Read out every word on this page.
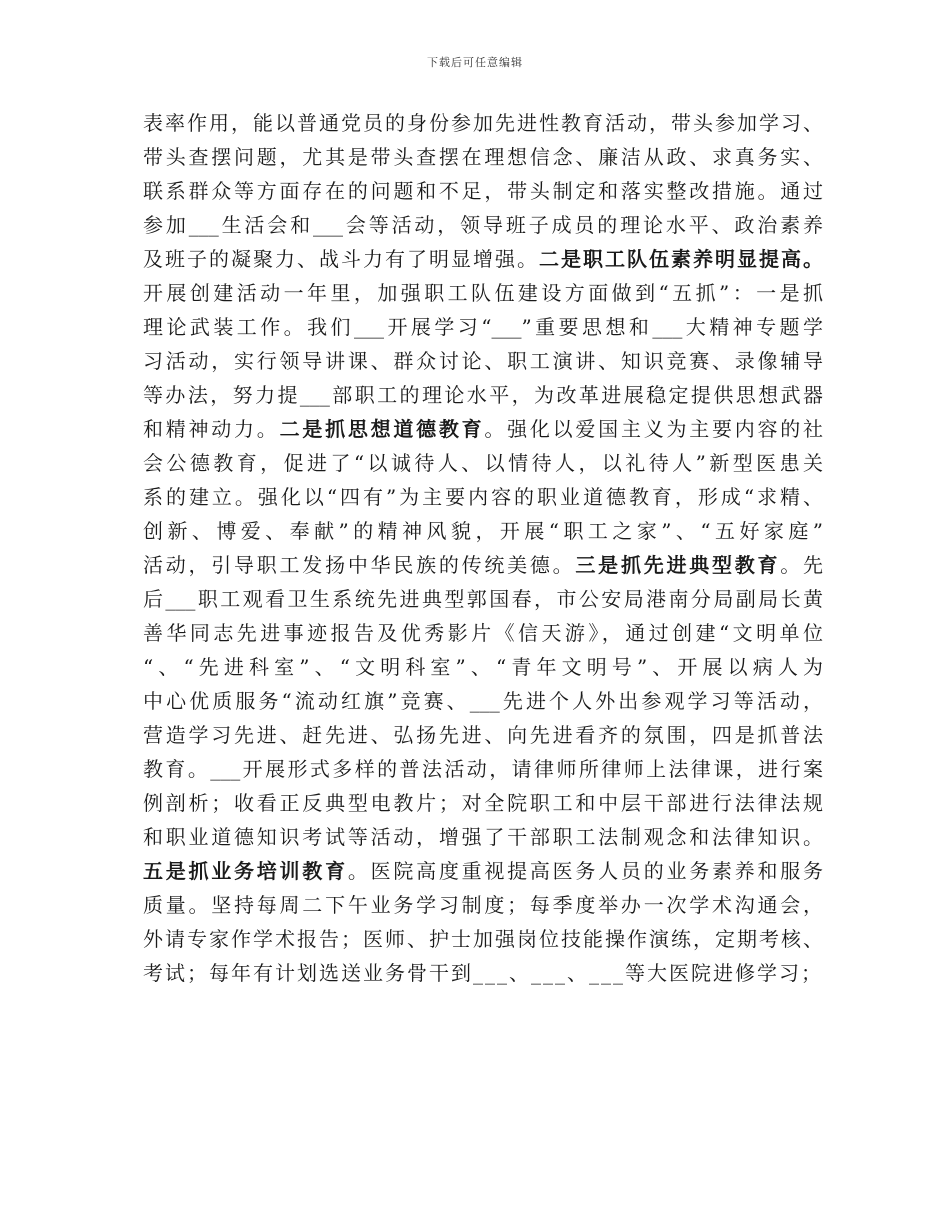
下载后可任意编辑
表率作用，能以普通党员的身份参加先进性教育活动，带头参加学习、
带头查摆问题，尤其是带头查摆在理想信念、廉洁从政、求真务实、
联系群众等方面存在的问题和不足，带头制定和落实整改措施。通过
参加___生活会和___会等活动，领导班子成员的理论水平、政治素养
及班子的凝聚力、战斗力有了明显增强。二是职工队伍素养明显提高。
开展创建活动一年里，加强职工队伍建设方面做到“五抓”：一是抓
理论武装工作。我们___开展学习“___”重要思想和___大精神专题学
习活动，实行领导讲课、群众讨论、职工演讲、知识竞赛、录像辅导
等办法，努力提___部职工的理论水平，为改革进展稳定提供思想武器
和精神动力。二是抓思想道德教育。强化以爱国主义为主要内容的社
会公德教育，促进了“以诚待人、以情待人，以礼待人”新型医患关
系的建立。强化以“四有”为主要内容的职业道德教育，形成“求精、
创新、博爱、奉献”的精神风貌，开展“职工之家”、“五好家庭”
活动，引导职工发扬中华民族的传统美德。三是抓先进典型教育。先
后___职工观看卫生系统先进典型郭国春，市公安局港南分局副局长黄
善华同志先进事迹报告及优秀影片《信天游》，通过创建“文明单位
“、“先进科室”、“文明科室”、“青年文明号”、开展以病人为
中心优质服务“流动红旗”竞赛、___先进个人外出参观学习等活动，
营造学习先进、赶先进、弘扬先进、向先进看齐的氛围，四是抓普法
教育。___开展形式多样的普法活动，请律师所律师上法律课，进行案
例剖析；收看正反典型电教片；对全院职工和中层干部进行法律法规
和职业道德知识考试等活动，增强了干部职工法制观念和法律知识。
五是抓业务培训教育。医院高度重视提高医务人员的业务素养和服务
质量。坚持每周二下午业务学习制度；每季度举办一次学术沟通会，
外请专家作学术报告；医师、护士加强岗位技能操作演练，定期考核、
考试；每年有计划选送业务骨干到___、___、___等大医院进修学习；
